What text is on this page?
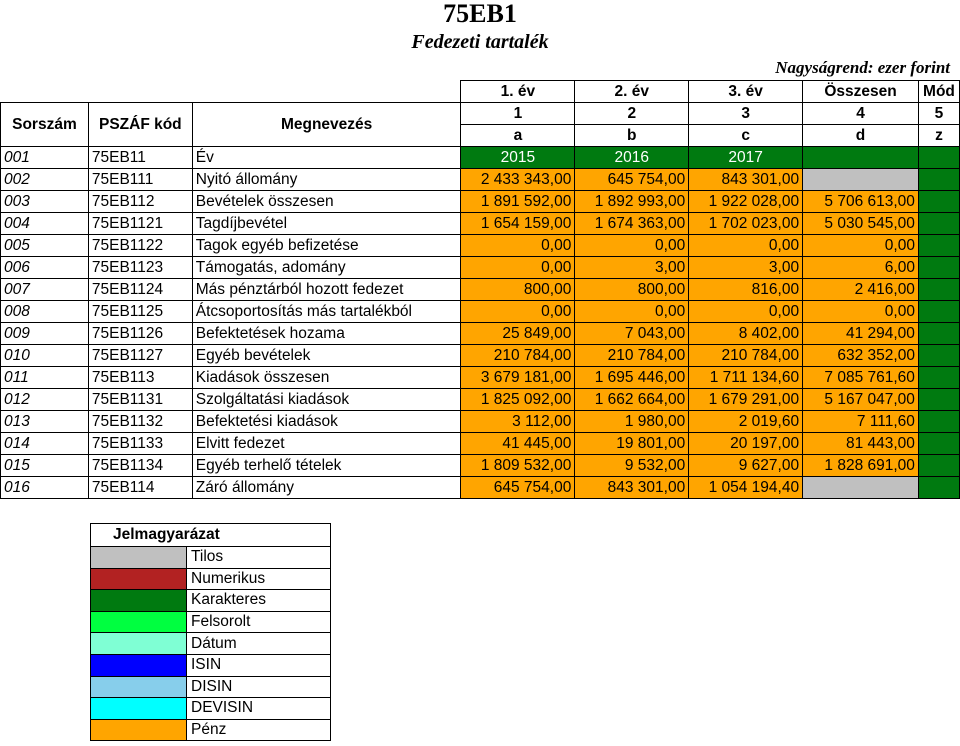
75EB1
Fedezeti tartalék
Nagyságrend: ezer forint
			1. év	2. év	3. év	Összesen	Mód
Sorszám	PSZÁF kód	Megnevezés	1	2	3	4	5
			a	b	c	d	z
001	75EB11	Év	2015	2016	2017		
002	75EB111	Nyitó állomány	2 433 343,00	645 754,00	843 301,00		
003	75EB112	Bevételek összesen	1 891 592,00	1 892 993,00	1 922 028,00	5 706 613,00	
004	75EB1121	Tagdíjbevétel	1 654 159,00	1 674 363,00	1 702 023,00	5 030 545,00	
005	75EB1122	Tagok egyéb befizetése	0,00	0,00	0,00	0,00	
006	75EB1123	Támogatás, adomány	0,00	3,00	3,00	6,00	
007	75EB1124	Más pénztárból hozott fedezet	800,00	800,00	816,00	2 416,00	
008	75EB1125	Átcsoportosítás más tartalékból	0,00	0,00	0,00	0,00	
009	75EB1126	Befektetések hozama	25 849,00	7 043,00	8 402,00	41 294,00	
010	75EB1127	Egyéb bevételek	210 784,00	210 784,00	210 784,00	632 352,00	
011	75EB113	Kiadások összesen	3 679 181,00	1 695 446,00	1 711 134,60	7 085 761,60	
012	75EB1131	Szolgáltatási kiadások	1 825 092,00	1 662 664,00	1 679 291,00	5 167 047,00	
013	75EB1132	Befektetési kiadások	3 112,00	1 980,00	2 019,60	7 111,60	
014	75EB1133	Elvitt fedezet	41 445,00	19 801,00	20 197,00	81 443,00	
015	75EB1134	Egyéb terhelő tételek	1 809 532,00	9 532,00	9 627,00	1 828 691,00	
016	75EB114	Záró állomány	645 754,00	843 301,00	1 054 194,40		
Jelmagyarázat	
	Tilos
	Numerikus
	Karakteres
	Felsorolt
	Dátum
	ISIN
	DISIN
	DEVISIN
	Pénz
